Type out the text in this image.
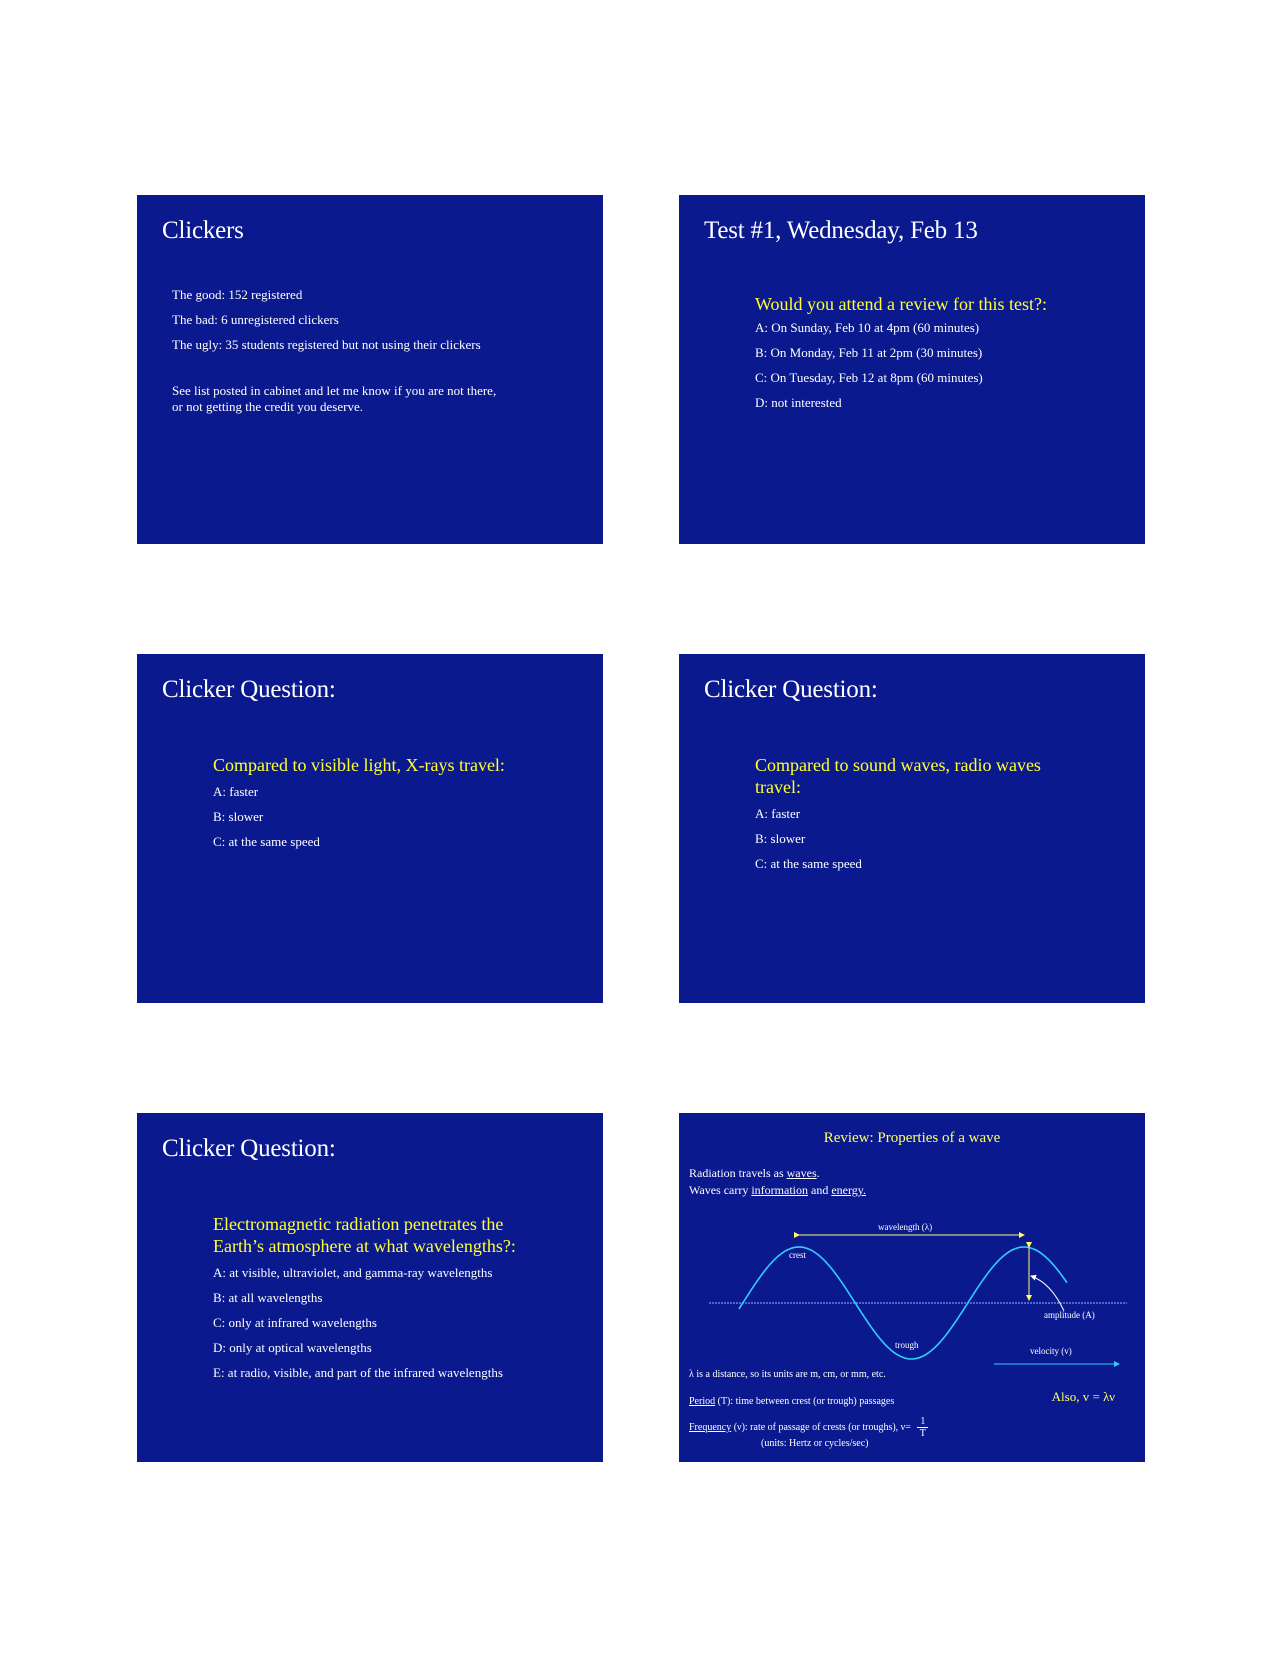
Clickers
The good: 152 registered
The bad: 6 unregistered clickers
The ugly: 35 students registered but not using their clickers
See list posted in cabinet and let me know if you are not there, or not getting the credit you deserve.
Test #1, Wednesday, Feb 13
Would you attend a review for this test?:
A: On Sunday, Feb 10 at 4pm (60 minutes)
B: On Monday, Feb 11 at 2pm (30 minutes)
C: On Tuesday, Feb 12 at 8pm (60 minutes)
D: not interested
Clicker Question:
Compared to visible light, X-rays travel:
A: faster
B: slower
C: at the same speed
Clicker Question:
Compared to sound waves, radio waves travel:
A: faster
B: slower
C: at the same speed
Clicker Question:
Electromagnetic radiation penetrates the Earth’s atmosphere at what wavelengths?:
A: at visible, ultraviolet, and gamma-ray wavelengths
B: at all wavelengths
C: only at infrared wavelengths
D: only at optical wavelengths
E: at radio, visible, and part of the infrared wavelengths
Review: Properties of a wave
Radiation travels as waves.
Waves carry information and energy.
wavelength (λ)
crest
trough
amplitude (A)
velocity (v)
λ is a distance, so its units are m, cm, or mm, etc.
Period (T): time between crest (or trough) passages	Also, v = λν
Frequency (ν): rate of passage of crests (or troughs), $\nu= \frac{1}{T}$
(units: Hertz or cycles/sec)
